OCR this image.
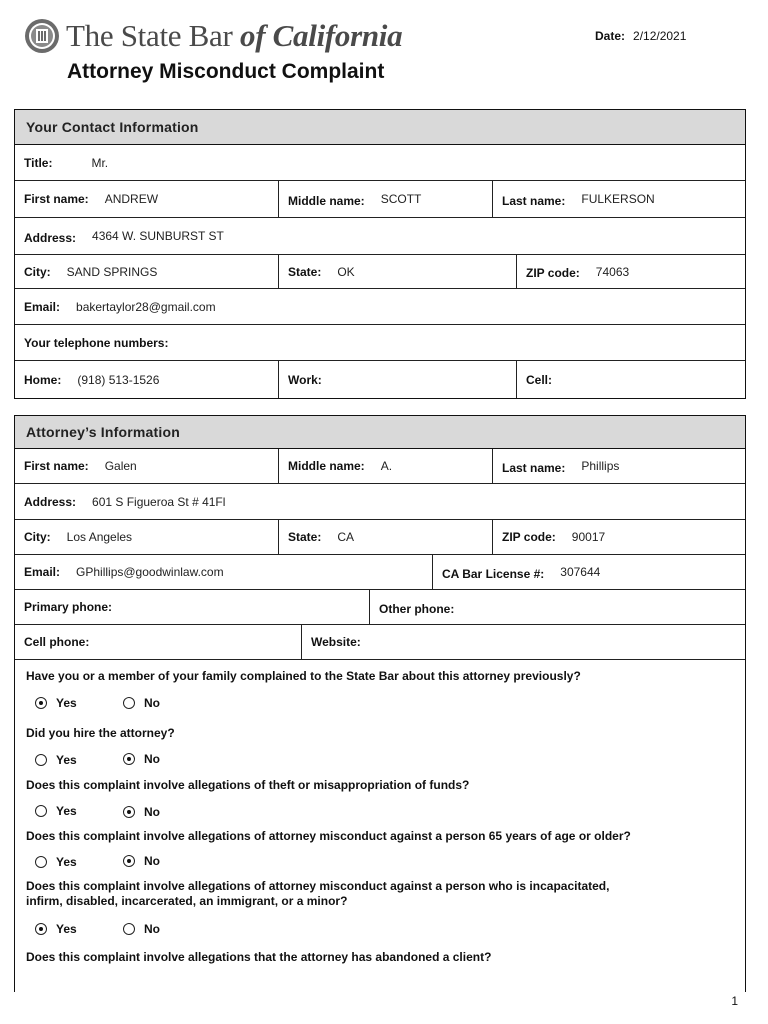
The State Bar of California
Attorney Misconduct Complaint
Date: 2/12/2021
Your Contact Information
Title:	Mr.
First name: ANDREW	Middle name: SCOTT	Last name: FULKERSON
Address: 4364 W. SUNBURST ST
City: SAND SPRINGS	State: OK	ZIP code: 74063
Email: bakertaylor28@gmail.com
Your telephone numbers:
Home: (918) 513-1526	Work:	Cell:
Attorney’s Information
First name: Galen	Middle name: A.	Last name: Phillips
Address: 601 S Figueroa St # 41Fl
City: Los Angeles	State: CA	ZIP code: 90017
Email: GPhillips@goodwinlaw.com	CA Bar License #: 307644
Primary phone:	Other phone:
Cell phone:	Website:
Have you or a member of your family complained to the State Bar about this attorney previously?
Yes	No
Did you hire the attorney?
Yes	No
Does this complaint involve allegations of theft or misappropriation of funds?
Yes	No
Does this complaint involve allegations of attorney misconduct against a person 65 years of age or older?
Yes	No
Does this complaint involve allegations of attorney misconduct against a person who is incapacitated, infirm, disabled, incarcerated, an immigrant, or a minor?
Yes	No
Does this complaint involve allegations that the attorney has abandoned a client?
1
